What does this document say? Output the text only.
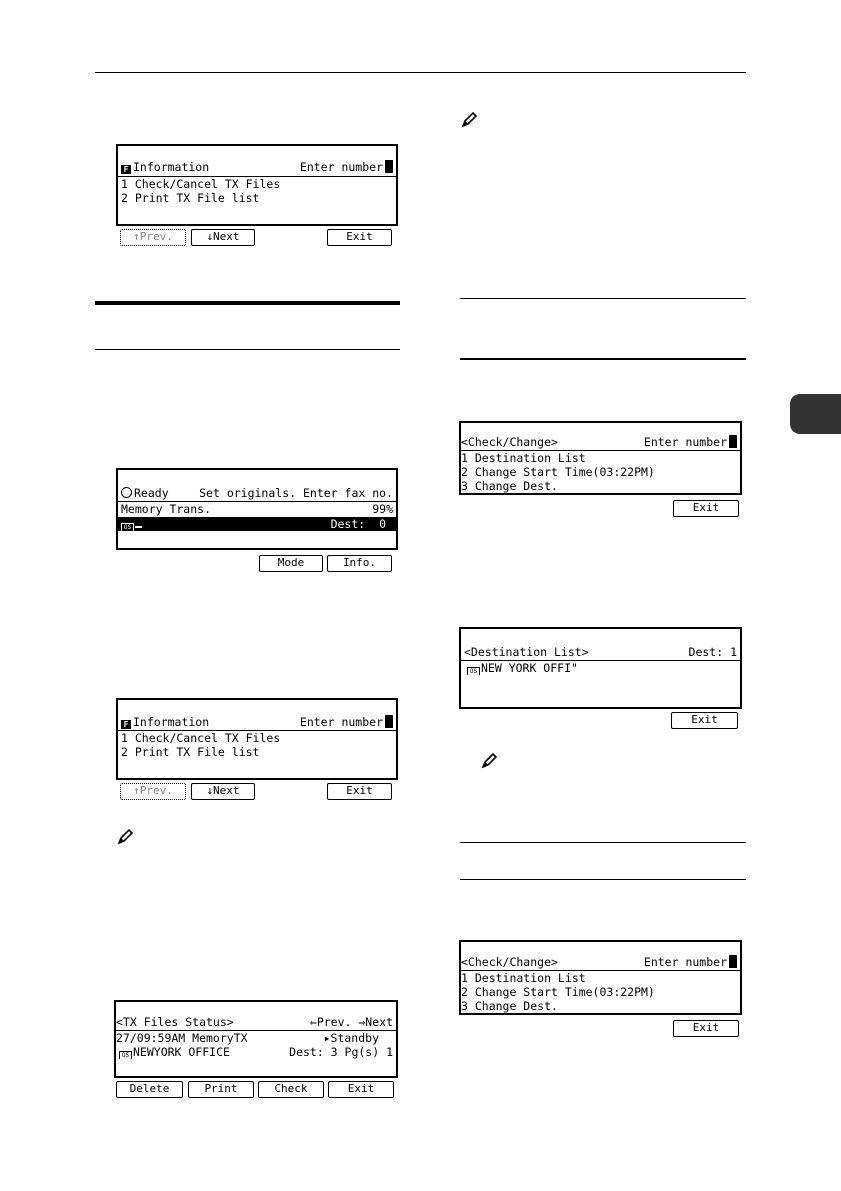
F Information	Enter number
1 Check/Cancel TX Files
2 Print TX File list
↑Prev.	↓Next	Exit
Ready	Set originals. Enter fax no.
Memory Trans.	99%
OS	Dest: 0
Mode	Info.
F Information	Enter number
1 Check/Cancel TX Files
2 Print TX File list
↑Prev.	↓Next	Exit
<TX Files Status>	⇐Prev. ⇒Next
27/09:59AM MemoryTX	▸Standby
OS NEWYORK OFFICE	Dest: 3 Pg(s) 1
Delete	Print	Check	Exit
<Check/Change>	Enter number
1 Destination List
2 Change Start Time(03:22PM)
3 Change Dest.
Exit
<Destination List>	Dest: 1
OS NEW YORK OFFI"
Exit
<Check/Change>	Enter number
1 Destination List
2 Change Start Time(03:22PM)
3 Change Dest.
Exit
